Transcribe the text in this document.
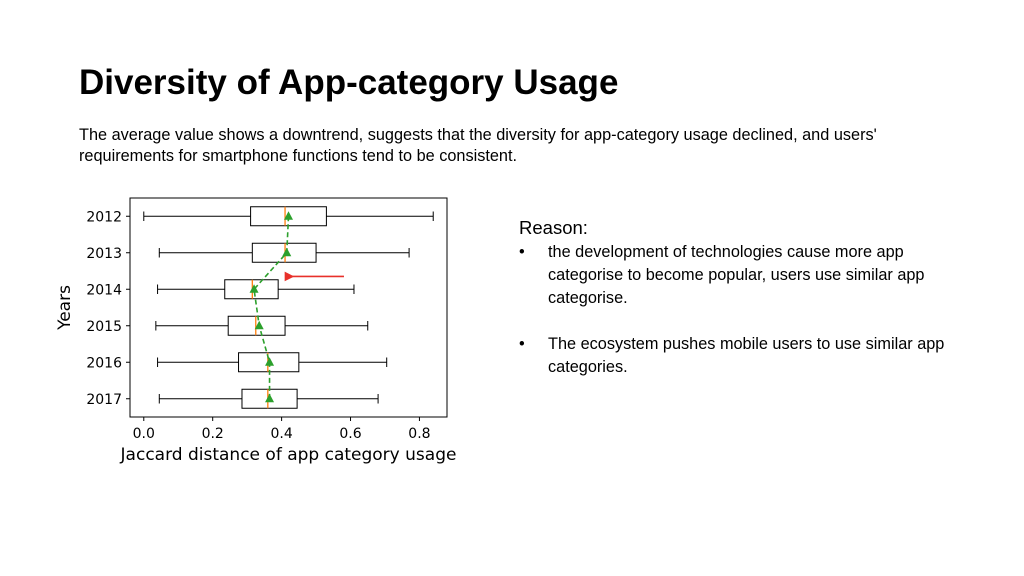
Diversity of App-category Usage

The average value shows a downtrend, suggests that the diversity for app-category usage declined, and users' requirements for smartphone functions tend to be consistent.

2012
2013
2014
2015
2016
2017
0.0	0.2	0.4	0.6	0.8
Jaccard distance of app category usage
Years
Reason:
• the development of technologies cause more app categorise to become popular, users use similar app categorise.
• The ecosystem pushes mobile users to use similar app categories.
